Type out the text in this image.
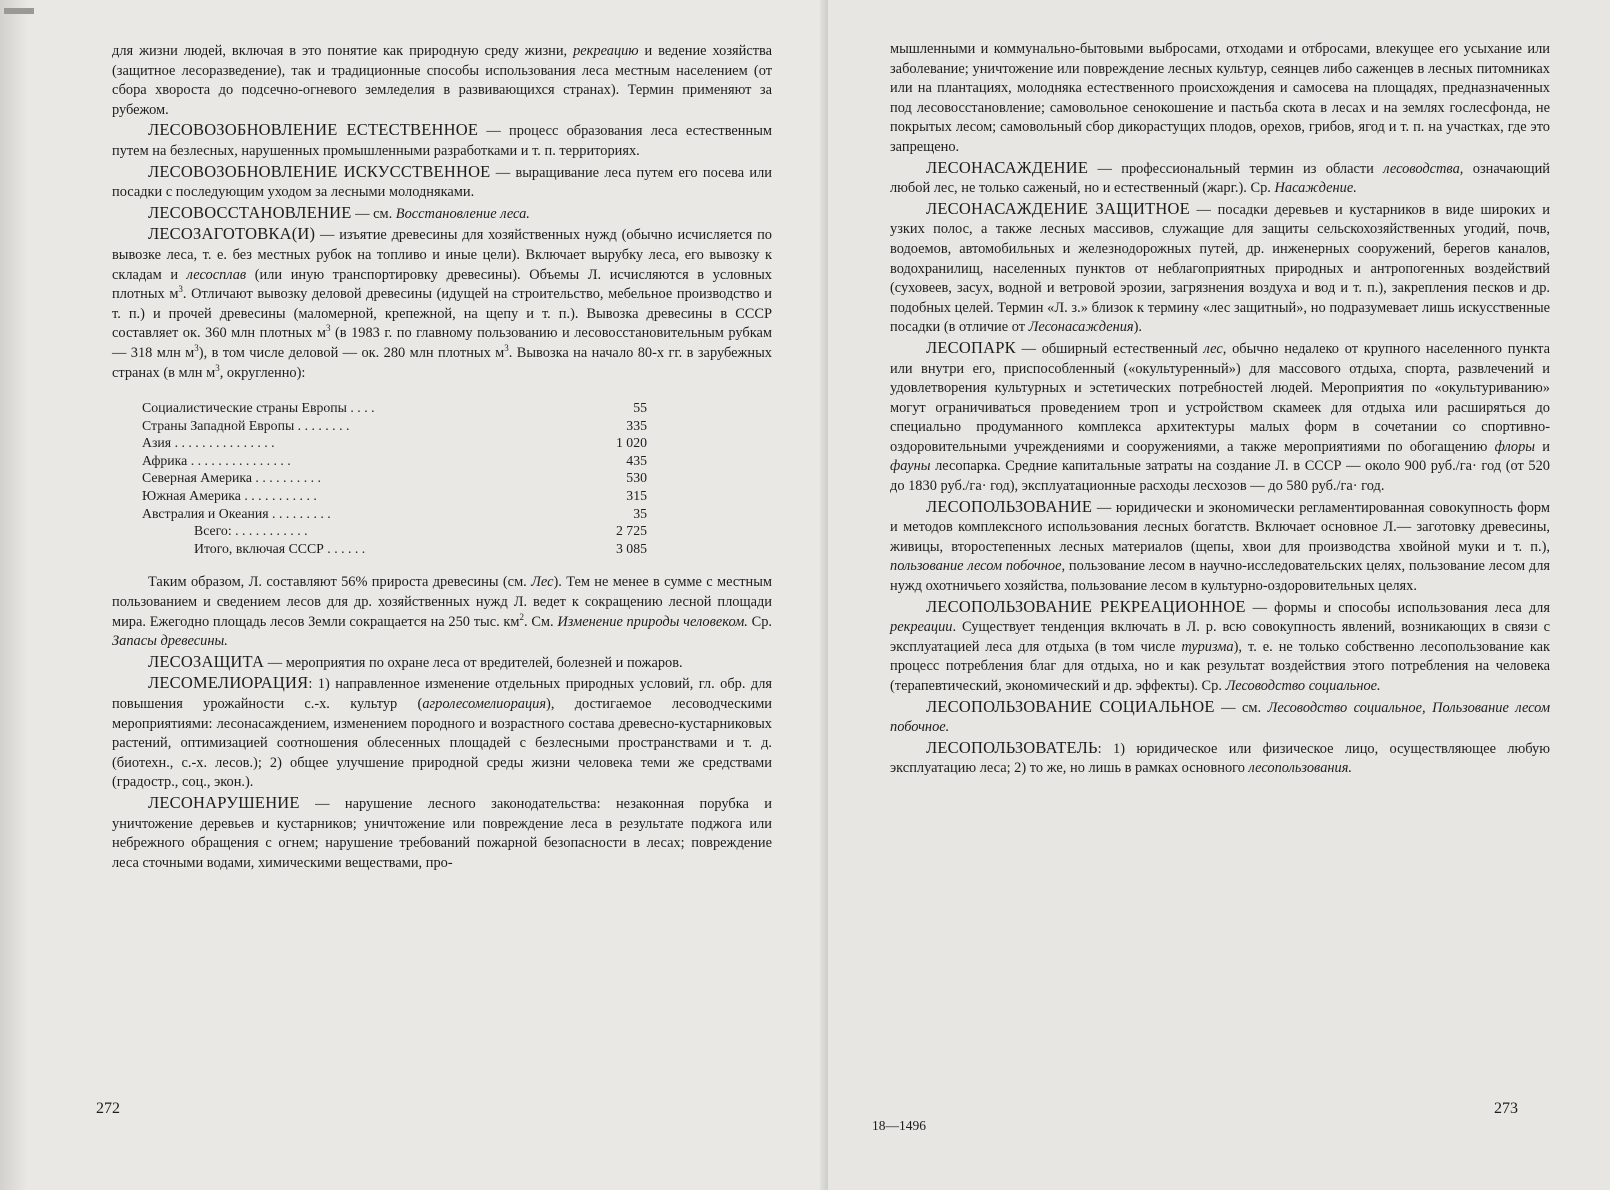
для жизни людей, включая в это понятие как природную среду жизни, рекреацию и ведение хозяйства (защитное лесоразведение), так и традиционные способы использования леса местным населением (от сбора хвороста до подсечно-огневого земледелия в развивающихся странах). Термин применяют за рубежом.

ЛЕСОВОЗОБНОВЛЕНИЕ ЕСТЕСТВЕННОЕ — процесс образования леса естественным путем на безлесных, нарушенных промышленными разработками и т. п. территориях.

ЛЕСОВОЗОБНОВЛЕНИЕ ИСКУССТВЕННОЕ — выращивание леса путем его посева или посадки с последующим уходом за лесными молодняками.

ЛЕСОВОССТАНОВЛЕНИЕ — см. Восстановление леса.

ЛЕСОЗАГОТОВКА(И) — изъятие древесины для хозяйственных нужд (обычно исчисляется по вывозке леса, т. е. без местных рубок на топливо и иные цели). Включает вырубку леса, его вывозку к складам и лесосплав (или иную транспортировку древесины). Объемы Л. исчисляются в условных плотных $м^3$. Отличают вывозку деловой древесины (идущей на строительство, мебельное производство и т. п.) и прочей древесины (маломерной, крепежной, на щепу и т. п.). Вывозка древесины в СССР составляет ок. 360 млн плотных $м^3$ (в 1983 г. по главному пользованию и лесовосстановительным рубкам — 318 млн $м^3$), в том числе деловой — ок. 280 млн плотных $м^3$. Вывозка на начало 80-х гг. в зарубежных странах (в млн $м^3$, округленно):

Социалистические страны Европы . . . .	55
Страны Западной Европы . . . . . . . .	335
Азия . . . . . . . . . . . . . . .	1 020
Африка . . . . . . . . . . . . . . .	435
Северная Америка . . . . . . . . . .	530
Южная Америка . . . . . . . . . . .	315
Австралия и Океания . . . . . . . . .	35
Всего: . . . . . . . . . . .	2 725
Итого, включая СССР . . . . . .	3 085

Таким образом, Л. составляют 56% прироста древесины (см. Лес). Тем не менее в сумме с местным пользованием и сведением лесов для др. хозяйственных нужд Л. ведет к сокращению лесной площади мира. Ежегодно площадь лесов Земли сокращается на 250 тыс. $км^2$. См. Изменение природы человеком. Ср. Запасы древесины.

ЛЕСОЗАЩИТА — мероприятия по охране леса от вредителей, болезней и пожаров.

ЛЕСОМЕЛИОРАЦИЯ: 1) направленное изменение отдельных природных условий, гл. обр. для повышения урожайности с.-х. культур (агролесомелиорация), достигаемое лесоводческими мероприятиями: лесонасаждением, изменением породного и возрастного состава древесно-кустарниковых растений, оптимизацией соотношения облесенных площадей с безлесными пространствами и т. д. (биотехн., с.-х. лесов.); 2) общее улучшение природной среды жизни человека теми же средствами (градостр., соц., экон.).

ЛЕСОНАРУШЕНИЕ — нарушение лесного законодательства: незаконная порубка и уничтожение деревьев и кустарников; уничтожение или повреждение леса в результате поджога или небрежного обращения с огнем; нарушение требований пожарной безопасности в лесах; повреждение леса сточными водами, химическими веществами, про-

272

мышленными и коммунально-бытовыми выбросами, отходами и отбросами, влекущее его усыхание или заболевание; уничтожение или повреждение лесных культур, сеянцев либо саженцев в лесных питомниках или на плантациях, молодняка естественного происхождения и самосева на площадях, предназначенных под лесовосстановление; самовольное сенокошение и пастьба скота в лесах и на землях гослесфонда, не покрытых лесом; самовольный сбор дикорастущих плодов, орехов, грибов, ягод и т. п. на участках, где это запрещено.

ЛЕСОНАСАЖДЕНИЕ — профессиональный термин из области лесоводства, означающий любой лес, не только саженый, но и естественный (жарг.). Ср. Насаждение.

ЛЕСОНАСАЖДЕНИЕ ЗАЩИТНОЕ — посадки деревьев и кустарников в виде широких и узких полос, а также лесных массивов, служащие для защиты сельскохозяйственных угодий, почв, водоемов, автомобильных и железнодорожных путей, др. инженерных сооружений, берегов каналов, водохранилищ, населенных пунктов от неблагоприятных природных и антропогенных воздействий (суховеев, засух, водной и ветровой эрозии, загрязнения воздуха и вод и т. п.), закрепления песков и др. подобных целей. Термин «Л. з.» близок к термину «лес защитный», но подразумевает лишь искусственные посадки (в отличие от Лесонасаждения).

ЛЕСОПАРК — обширный естественный лес, обычно недалеко от крупного населенного пункта или внутри его, приспособленный («окультуренный») для массового отдыха, спорта, развлечений и удовлетворения культурных и эстетических потребностей людей. Мероприятия по «окультуриванию» могут ограничиваться проведением троп и устройством скамеек для отдыха или расширяться до специально продуманного комплекса архитектуры малых форм в сочетании со спортивно-оздоровительными учреждениями и сооружениями, а также мероприятиями по обогащению флоры и фауны лесопарка. Средние капитальные затраты на создание Л. в СССР — около 900 руб./га· год (от 520 до 1830 руб./га· год), эксплуатационные расходы лесхозов — до 580 руб./га· год.

ЛЕСОПОЛЬЗОВАНИЕ — юридически и экономически регламентированная совокупность форм и методов комплексного использования лесных богатств. Включает основное Л.— заготовку древесины, живицы, второстепенных лесных материалов (щепы, хвои для производства хвойной муки и т. п.), пользование лесом побочное, пользование лесом в научно-исследовательских целях, пользование лесом для нужд охотничьего хозяйства, пользование лесом в культурно-оздоровительных целях.

ЛЕСОПОЛЬЗОВАНИЕ РЕКРЕАЦИОННОЕ — формы и способы использования леса для рекреации. Существует тенденция включать в Л. р. всю совокупность явлений, возникающих в связи с эксплуатацией леса для отдыха (в том числе туризма), т. е. не только собственно лесопользование как процесс потребления благ для отдыха, но и как результат воздействия этого потребления на человека (терапевтический, экономический и др. эффекты). Ср. Лесоводство социальное.

ЛЕСОПОЛЬЗОВАНИЕ СОЦИАЛЬНОЕ — см. Лесоводство социальное, Пользование лесом побочное.

ЛЕСОПОЛЬЗОВАТЕЛЬ: 1) юридическое или физическое лицо, осуществляющее любую эксплуатацию леса; 2) то же, но лишь в рамках основного лесопользования.

18—1496
273
